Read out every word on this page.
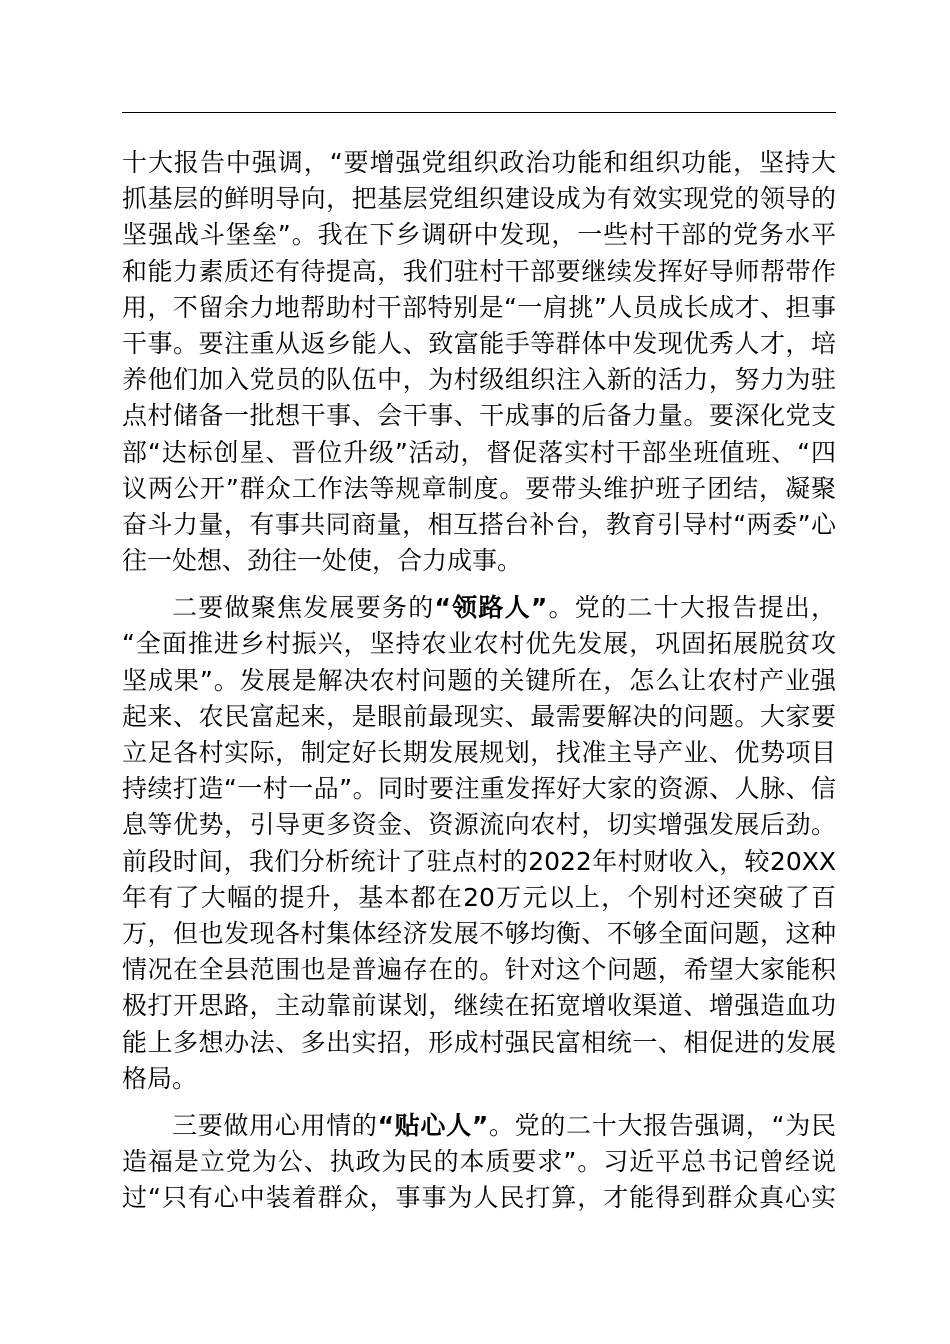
十大报告中强调，“要增强党组织政治功能和组织功能，坚持大
抓基层的鲜明导向，把基层党组织建设成为有效实现党的领导的
坚强战斗堡垒”。我在下乡调研中发现，一些村干部的党务水平
和能力素质还有待提高，我们驻村干部要继续发挥好导师帮带作
用，不留余力地帮助村干部特别是“一肩挑”人员成长成才、担事
干事。要注重从返乡能人、致富能手等群体中发现优秀人才，培
养他们加入党员的队伍中，为村级组织注入新的活力，努力为驻
点村储备一批想干事、会干事、干成事的后备力量。要深化党支
部“达标创星、晋位升级”活动，督促落实村干部坐班值班、“四
议两公开”群众工作法等规章制度。要带头维护班子团结，凝聚
奋斗力量，有事共同商量，相互搭台补台，教育引导村“两委”心
往一处想、劲往一处使，合力成事。
二要做聚焦发展要务的“领路人”。党的二十大报告提出，
“全面推进乡村振兴，坚持农业农村优先发展，巩固拓展脱贫攻
坚成果”。发展是解决农村问题的关键所在，怎么让农村产业强
起来、农民富起来，是眼前最现实、最需要解决的问题。大家要
立足各村实际，制定好长期发展规划，找准主导产业、优势项目
持续打造“一村一品”。同时要注重发挥好大家的资源、人脉、信
息等优势，引导更多资金、资源流向农村，切实增强发展后劲。
前段时间，我们分析统计了驻点村的2022年村财收入，较20XX
年有了大幅的提升，基本都在20万元以上，个别村还突破了百
万，但也发现各村集体经济发展不够均衡、不够全面问题，这种
情况在全县范围也是普遍存在的。针对这个问题，希望大家能积
极打开思路，主动靠前谋划，继续在拓宽增收渠道、增强造血功
能上多想办法、多出实招，形成村强民富相统一、相促进的发展
格局。
三要做用心用情的“贴心人”。党的二十大报告强调，“为民
造福是立党为公、执政为民的本质要求”。习近平总书记曾经说
过“只有心中装着群众，事事为人民打算，才能得到群众真心实
